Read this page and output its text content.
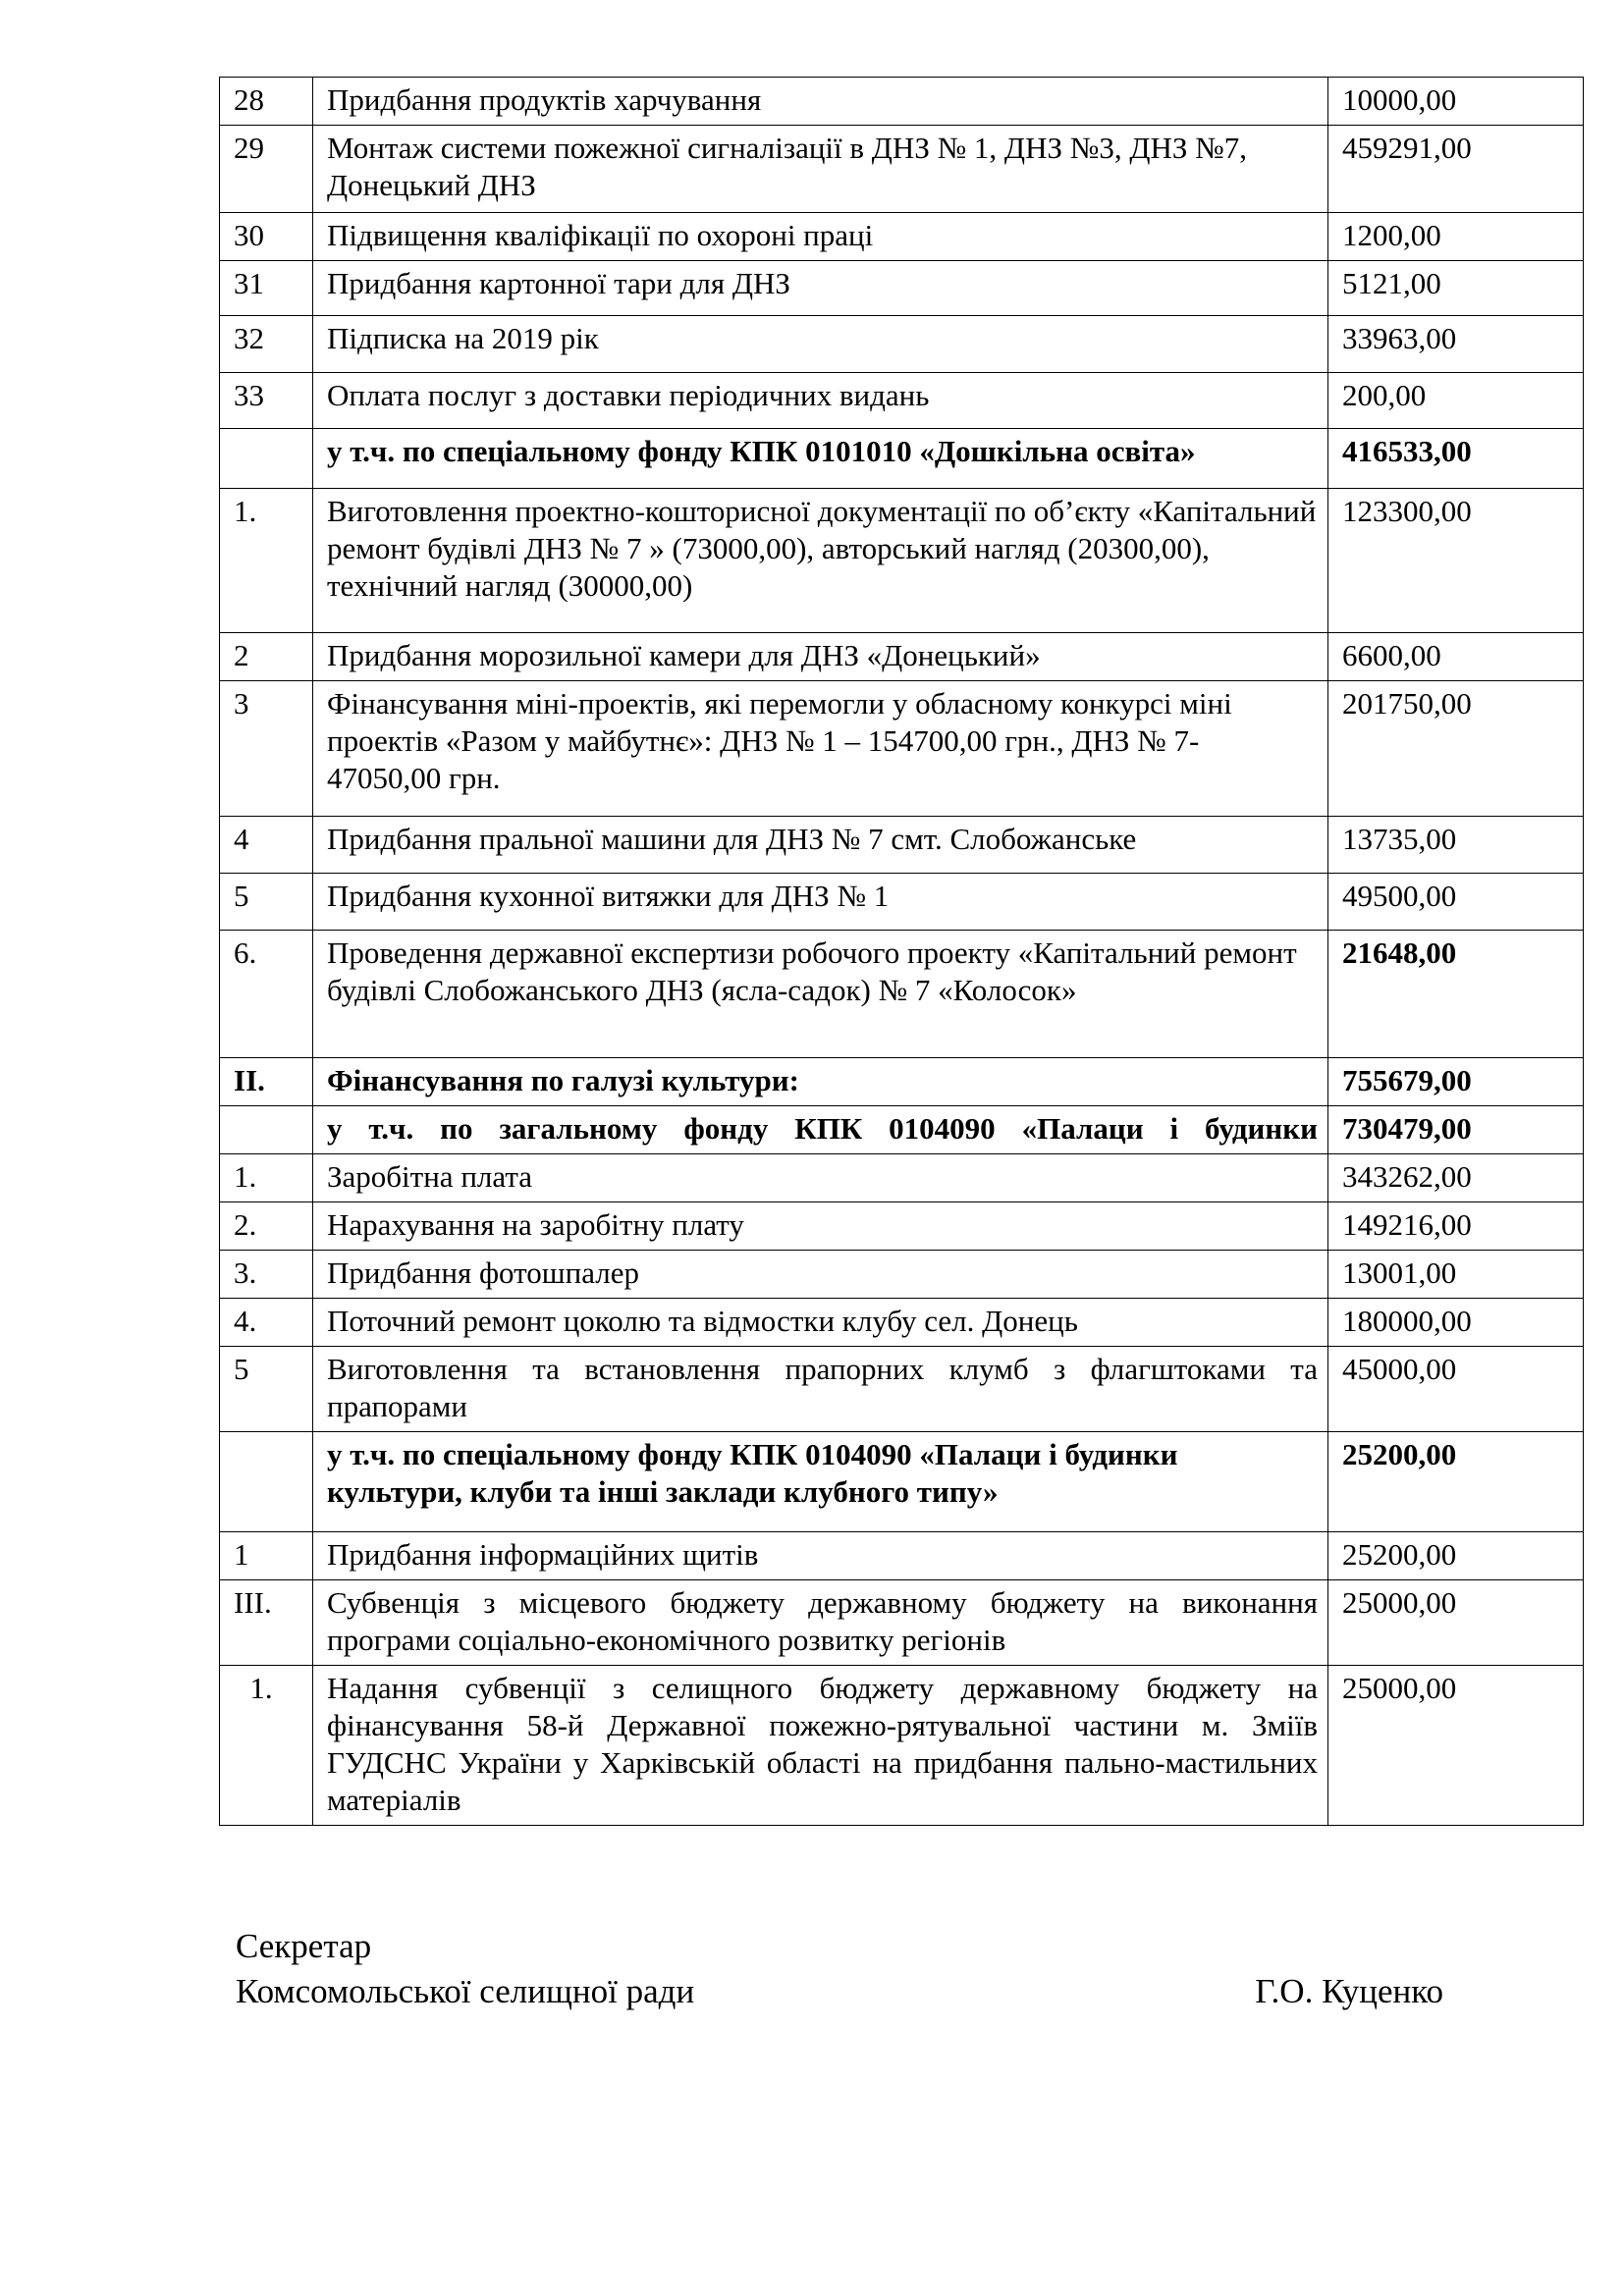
28	Придбання продуктів харчування	10000,00
29	Монтаж системи пожежної сигналізації в ДНЗ № 1, ДНЗ №3, ДНЗ №7, Донецький ДНЗ	459291,00
30	Підвищення кваліфікації по охороні праці	1200,00
31	Придбання картонної тари для ДНЗ	5121,00
32	Підписка на 2019 рік	33963,00
33	Оплата послуг з доставки періодичних видань	200,00
	у т.ч. по спеціальному фонду КПК 0101010 «Дошкільна освіта»	416533,00
1.	Виготовлення проектно-кошторисної документації по об’єкту «Капітальний ремонт будівлі ДНЗ № 7 » (73000,00), авторський нагляд (20300,00), технічний нагляд (30000,00)	123300,00
2	Придбання морозильної камери для ДНЗ «Донецький»	6600,00
3	Фінансування міні-проектів, які перемогли у обласному конкурсі міні проектів «Разом у майбутнє»: ДНЗ № 1 – 154700,00 грн., ДНЗ № 7- 47050,00 грн.	201750,00
4	Придбання пральної машини для ДНЗ № 7 смт. Слобожанське	13735,00
5	Придбання кухонної витяжки для ДНЗ № 1	49500,00
6.	Проведення державної експертизи робочого проекту «Капітальний ремонт будівлі Слобожанського ДНЗ (ясла-садок) № 7 «Колосок»	21648,00
ІІ.	Фінансування по галузі культури:	755679,00
	у т.ч. по загальному фонду КПК 0104090 «Палаци і будинки	730479,00
1.	Заробітна плата	343262,00
2.	Нарахування на заробітну плату	149216,00
3.	Придбання фотошпалер	13001,00
4.	Поточний ремонт цоколю та відмостки клубу сел. Донець	180000,00
5	Виготовлення та встановлення прапорних клумб з флагштоками та прапорами	45000,00
	у т.ч. по спеціальному фонду КПК 0104090 «Палаци і будинки культури, клуби та інші заклади клубного типу»	25200,00
1	Придбання інформаційних щитів	25200,00
ІІІ.	Субвенція з місцевого бюджету державному бюджету на виконання програми соціально-економічного розвитку регіонів	25000,00
1.	Надання субвенції з селищного бюджету державному бюджету на фінансування 58-й Державної пожежно-рятувальної частини м. Зміїв ГУДСНС України у Харківській області на придбання пально-мастильних матеріалів	25000,00
Секретар
Комсомольської селищної ради	Г.О. Куценко
